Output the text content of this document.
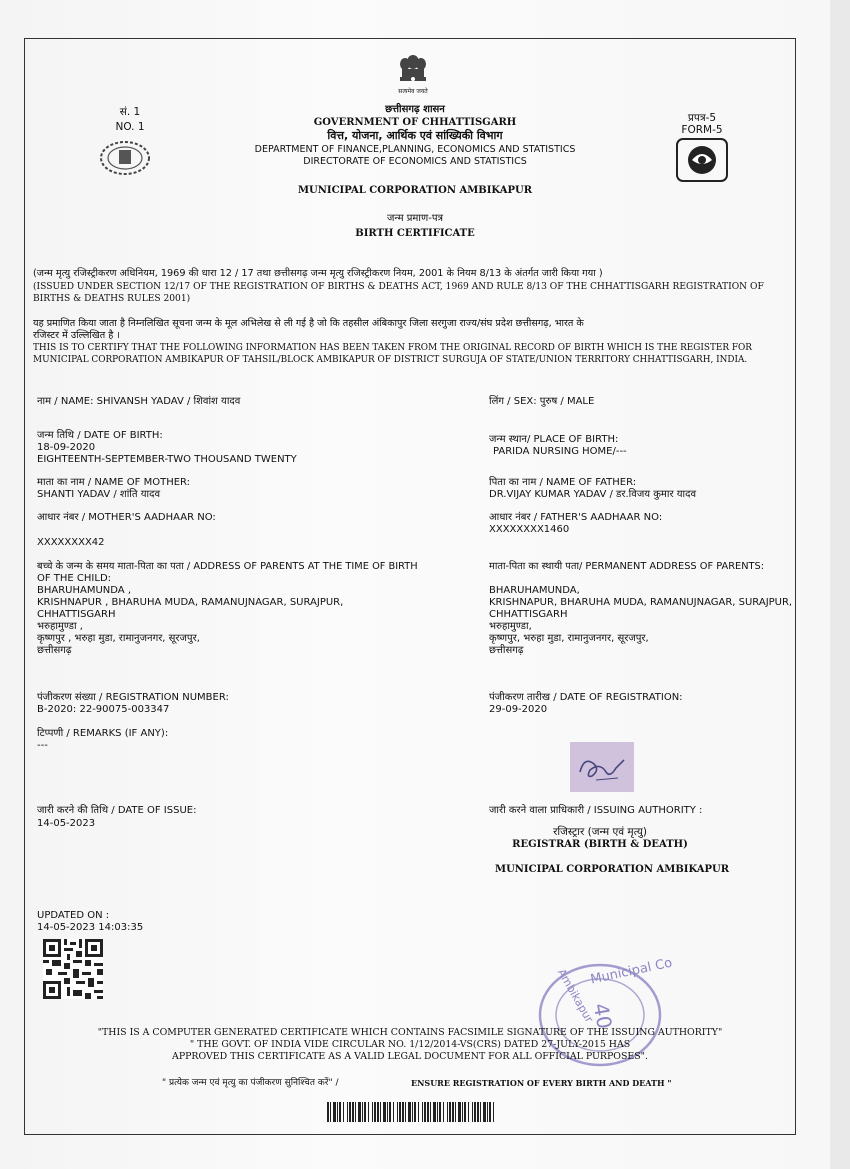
सत्यमेव जयते
सं. 1
NO. 1
प्रपत्र-5
FORM-5
छत्तीसगढ़ शासन
GOVERNMENT OF CHHATTISGARH
वित्त, योजना, आर्थिक एवं सांख्यिकी विभाग
DEPARTMENT OF FINANCE,PLANNING, ECONOMICS AND STATISTICS
DIRECTORATE OF ECONOMICS AND STATISTICS
MUNICIPAL CORPORATION AMBIKAPUR
जन्म प्रमाण-पत्र
BIRTH CERTIFICATE
(जन्म मृत्यु रजिस्ट्रीकरण अधिनियम, 1969 की धारा 12 / 17 तथा छत्तीसगढ़ जन्म मृत्यु रजिस्ट्रीकरण नियम, 2001 के नियम 8/13 के अंतर्गत जारी किया गया )
(ISSUED UNDER SECTION 12/17 OF THE REGISTRATION OF BIRTHS & DEATHS ACT, 1969 AND RULE 8/13 OF THE CHHATTISGARH REGISTRATION OF
BIRTHS & DEATHS RULES 2001)
यह प्रमाणित किया जाता है निम्नलिखित सूचना जन्म के मूल अभिलेख से ली गई है जो कि तहसील अंबिकापुर जिला सरगुजा राज्य/संघ प्रदेश छत्तीसगढ़, भारत के
रजिस्टर में उल्लिखित है ।
THIS IS TO CERTIFY THAT THE FOLLOWING INFORMATION HAS BEEN TAKEN FROM THE ORIGINAL RECORD OF BIRTH WHICH IS THE REGISTER FOR
MUNICIPAL CORPORATION AMBIKAPUR OF TAHSIL/BLOCK AMBIKAPUR OF DISTRICT SURGUJA OF STATE/UNION TERRITORY CHHATTISGARH, INDIA.
नाम / NAME: SHIVANSH YADAV / शिवांश यादव
जन्म तिथि / DATE OF BIRTH:
18-09-2020
EIGHTEENTH-SEPTEMBER-TWO THOUSAND TWENTY
माता का नाम / NAME OF MOTHER:
SHANTI YADAV / शांति यादव
आधार नंबर / MOTHER'S AADHAAR NO:
XXXXXXXX42
बच्चे के जन्म के समय माता-पिता का पता / ADDRESS OF PARENTS AT THE TIME OF BIRTH
OF THE CHILD:
BHARUHAMUNDA ,
KRISHNAPUR , BHARUHA MUDA, RAMANUJNAGAR, SURAJPUR,
CHHATTISGARH
भरुहामुण्डा ,
कृष्णपुर , भरुहा मुडा, रामानुजनगर, सूरजपुर,
छत्तीसगढ़
पंजीकरण संख्या / REGISTRATION NUMBER:
B-2020: 22-90075-003347
टिप्पणी / REMARKS (IF ANY):
---
जारी करने की तिथि / DATE OF ISSUE:
14-05-2023
UPDATED ON :
14-05-2023 14:03:35
लिंग / SEX: पुरुष / MALE
जन्म स्थान/ PLACE OF BIRTH:
PARIDA NURSING HOME/---
पिता का नाम / NAME OF FATHER:
DR.VIJAY KUMAR YADAV / डर.विजय कुमार यादव
आधार नंबर / FATHER'S AADHAAR NO:
XXXXXXXX1460
माता-पिता का स्थायी पता/ PERMANENT ADDRESS OF PARENTS:
BHARUHAMUNDA,
KRISHNAPUR, BHARUHA MUDA, RAMANUJNAGAR, SURAJPUR,
CHHATTISGARH
भरुहामुण्डा,
कृष्णपुर, भरुहा मुडा, रामानुजनगर, सूरजपुर,
छत्तीसगढ़
पंजीकरण तारीख / DATE OF REGISTRATION:
29-09-2020
जारी करने वाला प्राधिकारी / ISSUING AUTHORITY :
रजिस्ट्रार (जन्म एवं मृत्यु)
REGISTRAR (BIRTH & DEATH)
MUNICIPAL CORPORATION AMBIKAPUR
Municipal Co
Ambikapur
40
"THIS IS A COMPUTER GENERATED CERTIFICATE WHICH CONTAINS FACSIMILE SIGNATURE OF THE ISSUING AUTHORITY"
" THE GOVT. OF INDIA VIDE CIRCULAR NO. 1/12/2014-VS(CRS) DATED 27-JULY-2015 HAS
APPROVED THIS CERTIFICATE AS A VALID LEGAL DOCUMENT FOR ALL OFFICIAL PURPOSES".
" प्रत्येक जन्म एवं मृत्यु का पंजीकरण सुनिश्चित करें" /	ENSURE REGISTRATION OF EVERY BIRTH AND DEATH "
